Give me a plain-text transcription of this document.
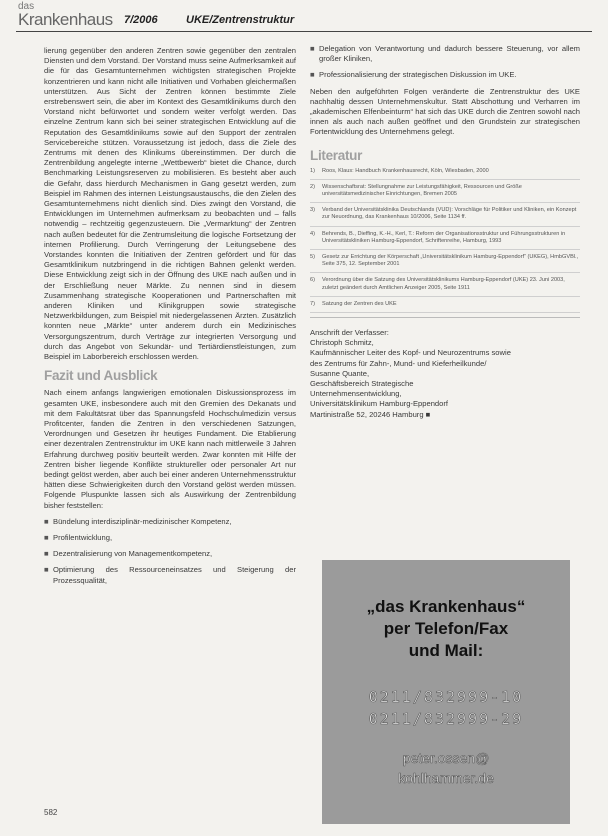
das
Krankenhaus 7/2006	UKE/Zentrenstruktur

lierung gegenüber den anderen Zentren sowie gegenüber den zentralen Diensten und dem Vorstand. Der Vorstand muss seine Aufmerksamkeit auf die für das Gesamtunternehmen wichtigsten strategischen Projekte konzentrieren und kann nicht alle Initiativen und Vorhaben gleichermaßen unterstützen. Aus Sicht der Zentren können bestimmte Ziele erstrebenswert sein, die aber im Kontext des Gesamtklinikums durch den Vorstand nicht befürwortet und sondern weiter verfolgt werden. Das einzelne Zentrum kann sich bei seiner strategischen Entwicklung auf die Reputation des Gesamtklinikums sowie auf den Support der zentralen Servicebereiche stützen. Voraussetzung ist jedoch, dass die Ziele des Zentrums mit denen des Klinikums übereinstimmen. Der durch die Zentrenbildung angelegte interne „Wettbewerb“ bietet die Chance, durch Benchmarking Leistungsreserven zu mobilisieren. Es besteht aber auch die Gefahr, dass hierdurch Mechanismen in Gang gesetzt werden, zum Beispiel im Rahmen des internen Leistungsaustauschs, die den Zielen des Gesamtunternehmens nicht dienlich sind. Dies zwingt den Vorstand, die Entwicklungen im Unternehmen aufmerksam zu beobachten und – falls notwendig – rechtzeitig gegenzusteuern. Die „Vermarktung“ der Zentren nach außen bedeutet für die Zentrumsleitung die logische Fortsetzung der internen Profilierung. Durch Verringerung der Leitungsebene des Vorstandes konnten die Initiativen der Zentren gefördert und für das Gesamtklinikum nutzbringend in die richtigen Bahnen gelenkt werden. Diese Entwicklung zeigt sich in der Öffnung des UKE nach außen und in der Erschließung neuer Märkte. Zu nennen sind in diesem Zusammenhang strategische Kooperationen und Partnerschaften mit anderen Kliniken und Klinikgruppen sowie strategische Netzwerkbildungen, zum Beispiel mit niedergelassenen Ärzten. Zusätzlich konnten neue „Märkte“ unter anderem durch ein Medizinisches Versorgungszentrum, durch Verträge zur integrierten Versorgung und durch das Angebot von Sekundär- und Tertiärdienstleistungen, zum Beispiel im Laborbereich erschlossen werden.

Fazit und Ausblick

Nach einem anfangs langwierigen emotionalen Diskussionsprozess im gesamten UKE, insbesondere auch mit den Gremien des Dekanats und mit dem Fakultätsrat über das Spannungsfeld Hochschulmedizin versus Profitcenter, fanden die Zentren in den verschiedenen Satzungen, Verordnungen und Gesetzen ihr heutiges Fundament. Die Etablierung einer dezentralen Zentrenstruktur im UKE kann nach mittlerweile 3 Jahren Erfahrung durchweg positiv beurteilt werden. Zwar konnten mit Hilfe der Zentren bisher liegende Konflikte struktureller oder personaler Art nur bedingt gelöst werden, aber auch bei einer anderen Unternehmensstruktur hätten diese Schwierigkeiten durch den Vorstand gelöst werden müssen. Folgende Pluspunkte lassen sich als Auswirkung der Zentrenbildung bisher feststellen:

■ Bündelung interdisziplinär-medizinischer Kompetenz,
■ Profilentwicklung,
■ Dezentralisierung von Managementkompetenz,
■ Optimierung des Ressourceneinsatzes und Steigerung der Prozessqualität,
■ Delegation von Verantwortung und dadurch bessere Steuerung, vor allem großer Kliniken,
■ Professionalisierung der strategischen Diskussion im UKE.

Neben den aufgeführten Folgen veränderte die Zentrenstruktur des UKE nachhaltig dessen Unternehmenskultur. Statt Abschottung und Verharren im „akademischen Elfenbeinturm“ hat sich das UKE durch die Zentren sowohl nach innen als auch nach außen geöffnet und den Grundstein zur strategischen Fortentwicklung des Unternehmens gelegt.

Literatur
1) Roos, Klaus: Handbuch Krankenhausrecht, Köln, Wiesbaden, 2000
2) Wissenschaftsrat: Stellungnahme zur Leistungsfähigkeit, Ressourcen und Größe universitätsmedizinischer Einrichtungen, Bremen 2005
3) Verband der Universitätsklinika Deutschlands (VUD): Vorschläge für Politiker und Kliniken, ein Konzept zur Neuordnung, das Krankenhaus 10/2006, Seite 1134 ff.
4) Behrends, B., Dieffing, K.-H., Kerl, T.: Reform der Organisationsstruktur und Führungsstrukturen in Universitätskliniken Hamburg-Eppendorf, Schriftenreihe, Hamburg, 1993
5) Gesetz zur Errichtung der Körperschaft „Universitätsklinikum Hamburg-Eppendorf“ (UKEG), HmbGVBl., Seite 375, 12. September 2001
6) Verordnung über die Satzung des Universitätsklinikums Hamburg-Eppendorf (UKE) 23. Juni 2003, zuletzt geändert durch Amtlichen Anzeiger 2005, Seite 1911
7) Satzung der Zentren des UKE
Anschrift der Verfasser:
Christoph Schmitz,
Kaufmännischer Leiter des Kopf- und Neurozentrums sowie
des Zentrums für Zahn-, Mund- und Kieferheilkunde/
Susanne Quante,
Geschäftsbereich Strategische
Unternehmensentwicklung,
Universitätsklinikum Hamburg-Eppendorf
Martinistraße 52, 20246 Hamburg ■
„das Krankenhaus“
per Telefon/Fax
und Mail:
0211/832999-10
0211/832999-29
peter.ossen@
kohlhammer.de
582
